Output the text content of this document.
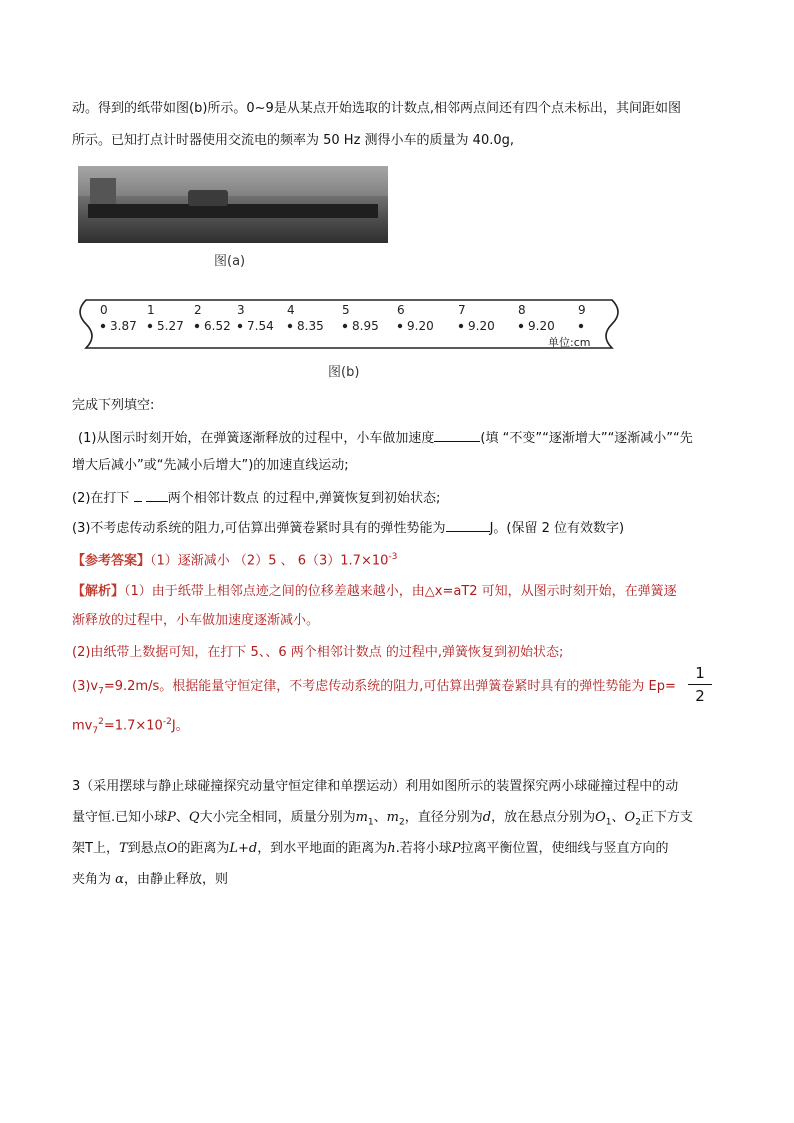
动。得到的纸带如图(b)所示。0~9是从某点开始选取的计数点,相邻两点间还有四个点未标出，其间距如图
所示。已知打点计时器使用交流电的频率为 50 Hz 测得小车的质量为 40.0g,
图(a)
0	1	2	3	4	5	6	7	8	9
3.87 5.27 6.52 7.54 8.35 8.95 9.20	9.20	9.20
单位:cm
图(b)
完成下列填空:
(1)从图示时刻开始，在弹簧逐渐释放的过程中，小车做加速度	(填 “不变”“逐渐增大”“逐渐减小”“先
增大后减小”或“先减小后增大”)的加速直线运动;
(2)在打下	两个相邻计数点 的过程中,弹簧恢复到初始状态;
(3)不考虑传动系统的阻力,可估算出弹簧卷紧时具有的弹性势能为	J。(保留 2 位有效数字)
【参考答案】（1）逐渐减小 （2）5 、 $6(3)1.7\times 10^{-3}$
【解析】（1）由于纸带上相邻点迹之间的位移差越来越小，由△x=aT2 可知，从图示时刻开始，在弹簧逐
渐释放的过程中，小车做加速度逐渐减小。
(2)由纸带上数据可知，在打下 5、、6 两个相邻计数点 的过程中,弹簧恢复到初始状态;
$(3)v_7=9.2m/s$。根据能量守恒定律，不考虑传动系统的阻力,可估算出弹簧卷紧时具有的弹性势能为 Ep=
1
2
$mv_7^2=1.7\times 10^{-2}J$。
3（采用摆球与静止球碰撞探究动量守恒定律和单摆运动）利用如图所示的装置探究两小球碰撞过程中的动
量守恒.已知小球P、Q大小完全相同，质量分别为$m_1$、$m_2$，直径分别为d，放在悬点分别为$O_1$、$O_2$正下方支
架T上，T到悬点O的距离为L+d，到水平地面的距离为h.若将小球P拉离平衡位置，使细线与竖直方向的
夹角为 α，由静止释放，则
